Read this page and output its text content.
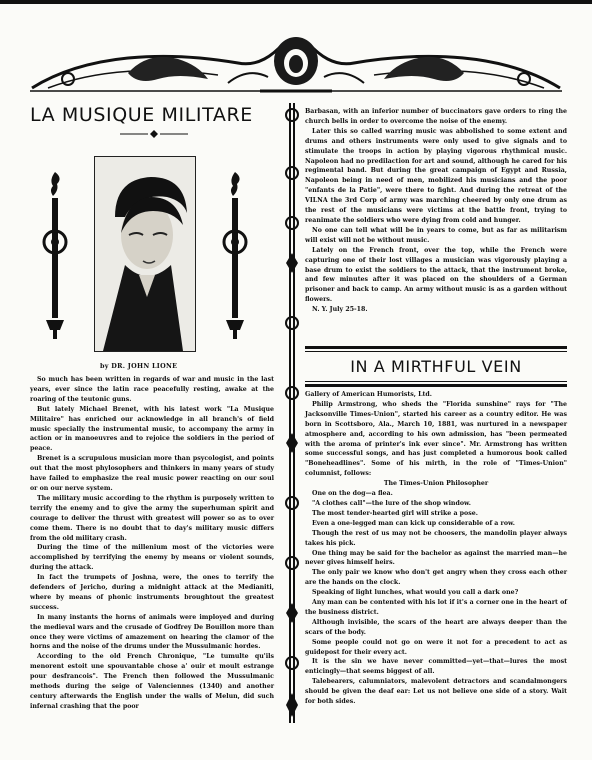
LA MUSIQUE MILITARE
by DR. JOHN LIONE

So much has been written in regards of war and music in the last years, ever since the latin race peacefully resting, awake at the roaring of the teutonic guns.

But lately Michael Brenet, with his latest work "La Musique Militaire" has enriched our acknowledge in all branch's of field music specially the instrumental music, to accompany the army in action or in manoeuvres and to rejoice the soldiers in the period of peace.

Brenet is a scrupulous musician more than psycologist, and points out that the most phylosophers and thinkers in many years of study have failed to emphasize the real music power reacting on our soul or on our nerve system.

The military music according to the rhythm is purposely written to terrify the enemy and to give the army the superhuman spirit and courage to deliver the thrust with greatest will power so as to over come them. There is no doubt that to day's military music differs from the old military crash.

During the time of the millenium most of the victories were accomplished by terrifying the enemy by means or violent sounds, during the attack.

In fact the trumpets of Joshna, were, the ones to terrify the defenders of Jericho, during a midnight attack at the Medianiti, where by means of phonic instruments broughtout the greatest success.

In many instants the horns of animals were imployed and during the medieval wars and the crusade of Godfrey De Bouillon more than once they were victims of amazement on hearing the clamor of the horns and the noise of the drums under the Mussulmanic hordes.

According to the old French Chronique, "Le tumulte qu'ils menorent estoit une spouvantable chose a' ouir et moult estrange pour desfrancois". The French then followed the Mussulmanic methods during the seige of Valenciennes (1340) and another century afterwards the English under the walls of Melun, did such infernal crashing that the poor

Barbasan, with an inferior number of buccinators gave orders to ring the church bells in order to overcome the noise of the enemy.

Later this so called warring music was abbolished to some extent and drums and others instruments were only used to give signals and to stimulate the troops in action by playing vigorous rhythmical music. Napoleon had no predilaction for art and sound, although he cared for his regimental band. But during the great campaign of Egypt and Russia, Napoleon being in need of men, mobilized his musicians and the poor "enfants de la Patie", were there to fight. And during the retreat of the VILNA the 3rd Corp of army was marching cheered by only one drum as the rest of the musicians were victims at the battle front, trying to reanimate the soldiers who were dying from cold and hunger.

No one can tell what will be in years to come, but as far as militarism will exist will not be without music.

Lately on the French front, over the top, while the French were capturing one of their lost villages a musician was vigorously playing a base drum to exist the soldiers to the attack, that the instrument broke, and few minutes after it was placed on the shoulders of a German prisoner and back to camp. An army without music is as a garden without flowers.

N. Y. July 25-18.

IN A MIRTHFUL VEIN

Gallery of American Humorists, Ltd.

Philip Armstrong, who sheds the "Florida sunshine" rays for "The Jacksonville Times-Union", started his career as a country editor. He was born in Scottsboro, Ala., March 10, 1881, was nurtured in a newspaper atmosphere and, according to his own admission, has "been permeated with the aroma of printer's ink ever since". Mr. Armstrong has written some successful songs, and has just completed a humorous book called "Boneheadlines". Some of his mirth, in the role of "Times-Union" columnist, follows:

The Times-Union Philosopher

One on the dog—a flea.

"A clothes call"—the lure of the shop window.

The most tender-hearted girl will strike a pose.

Even a one-legged man can kick up considerable of a row.

Though the rest of us may not be choosers, the mandolin player always takes his pick.

One thing may be said for the bachelor as against the married man—he never gives himself heirs.

The only pair we know who don't get angry when they cross each other are the hands on the clock.

Speaking of light lunches, what would you call a dark one?

Any man can be contented with his lot if it's a corner one in the heart of the business district.

Although invisible, the scars of the heart are always deeper than the scars of the body.

Some people could not go on were it not for a precedent to act as guidepost for their every act.

It is the sin we have never committed—yet—that—lures the most enticingly—that seems biggest of all.

Talebearers, calumniators, malevolent detractors and scandalmongers should be given the deaf ear: Let us not believe one side of a story. Wait for both sides.
